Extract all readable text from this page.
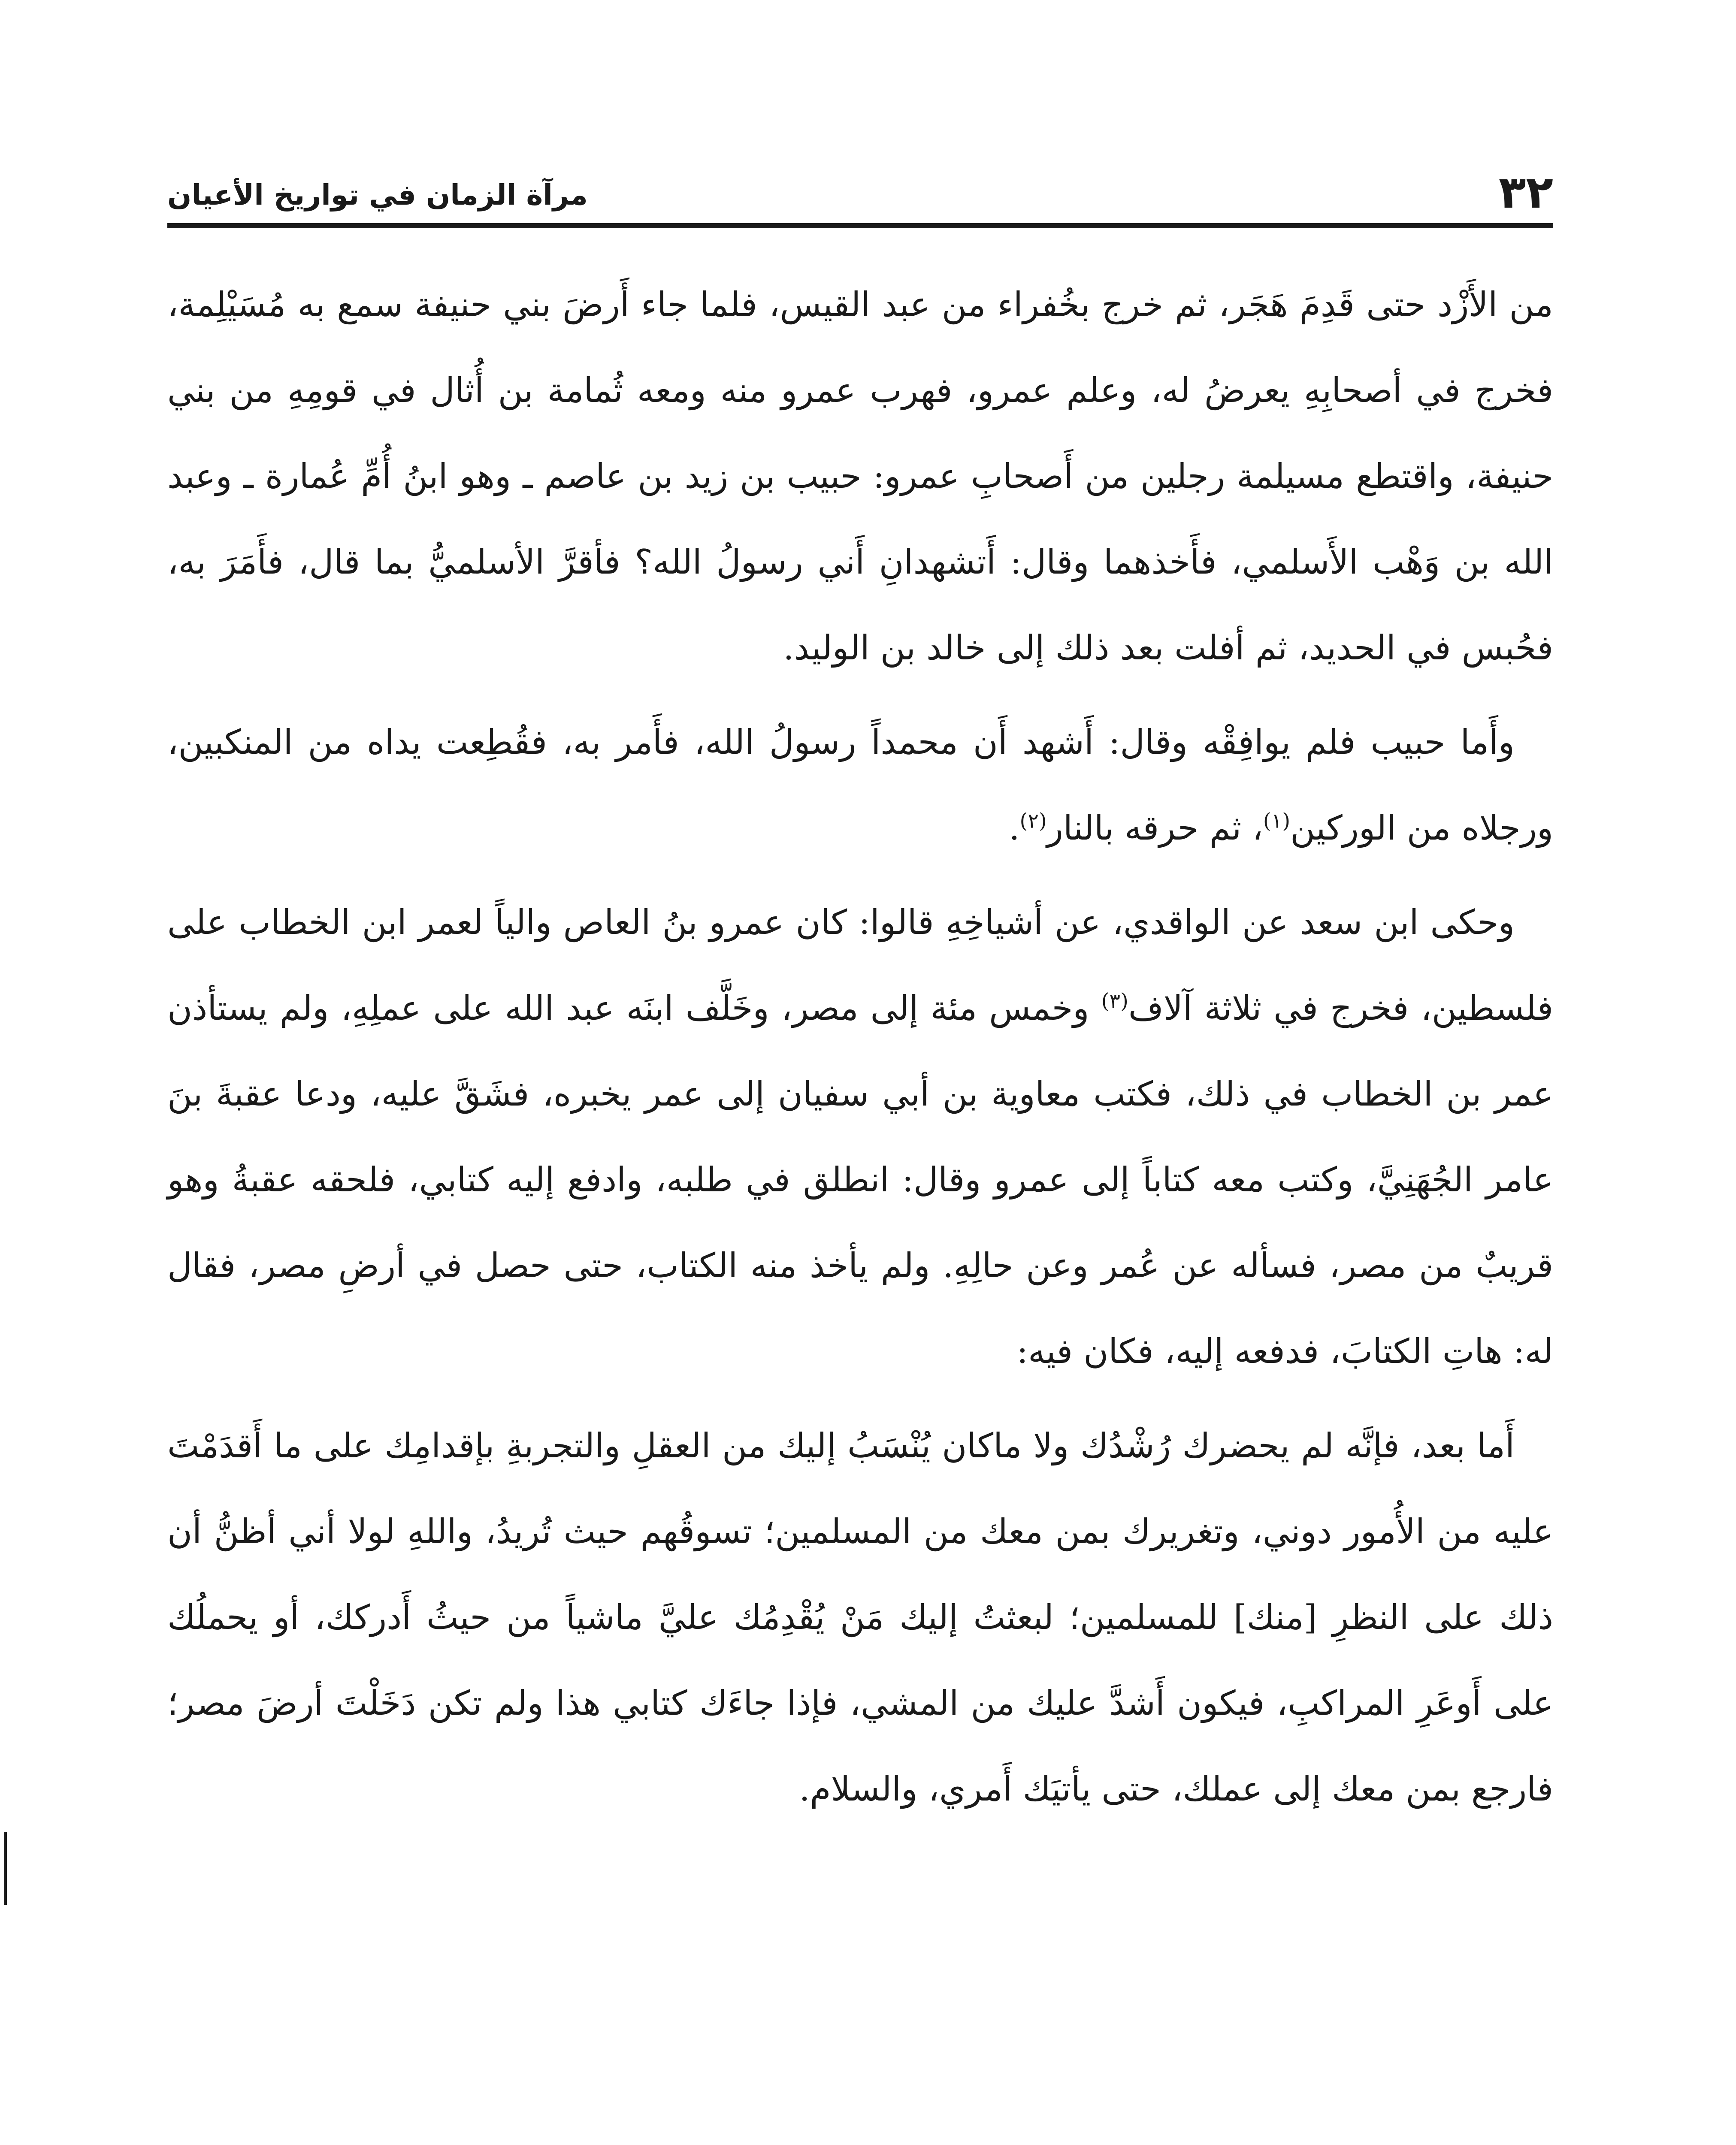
٣٢
مرآة الزمان في تواريخ الأعيان

من الأَزْد حتى قَدِمَ هَجَر، ثم خرج بخُفراء من عبد القيس، فلما جاء أَرضَ بني حنيفة سمع به مُسَيْلِمة، فخرج في أصحابِهِ يعرضُ له، وعلم عمرو، فهرب عمرو منه ومعه ثُمامة بن أُثال في قومِهِ من بني حنيفة، واقتطع مسيلمة رجلين من أَصحابِ عمرو: حبيب بن زيد بن عاصم ـ وهو ابنُ أُمِّ عُمارة ـ وعبد الله بن وَهْب الأَسلمي، فأَخذهما وقال: أَتشهدانِ أَني رسولُ الله؟ فأقرَّ الأسلميُّ بما قال، فأَمَرَ به، فحُبس في الحديد، ثم أفلت بعد ذلك إلى خالد بن الوليد.

وأَما حبيب فلم يوافِقْه وقال: أَشهد أَن محمداً رسولُ الله، فأَمر به، فقُطِعت يداه من المنكبين، ورجلاه من الوركين$^{(١)}$، ثم حرقه بالنار$^{(٢)}$.

وحكى ابن سعد عن الواقدي، عن أشياخِهِ قالوا: كان عمرو بنُ العاص والياً لعمر ابن الخطاب على فلسطين، فخرج في ثلاثة آلاف$^{(٣)}$ وخمس مئة إلى مصر، وخَلَّف ابنَه عبد الله على عملِهِ، ولم يستأذن عمر بن الخطاب في ذلك، فكتب معاوية بن أبي سفيان إلى عمر يخبره، فشَقَّ عليه، ودعا عقبةَ بنَ عامر الجُهَنِيَّ، وكتب معه كتاباً إلى عمرو وقال: انطلق في طلبه، وادفع إليه كتابي، فلحقه عقبةُ وهو قريبٌ من مصر، فسأله عن عُمر وعن حالِهِ. ولم يأخذ منه الكتاب، حتى حصل في أرضِ مصر، فقال له: هاتِ الكتابَ، فدفعه إليه، فكان فيه:

أَما بعد، فإنَّه لم يحضرك رُشْدُك ولا ماكان يُنْسَبُ إليك من العقلِ والتجربةِ بإقدامِك على ما أَقدَمْتَ عليه من الأُمور دوني، وتغريرك بمن معك من المسلمين؛ تسوقُهم حيث تُريدُ، واللهِ لولا أني أظنُّ أن ذلك على النظرِ [منك] للمسلمين؛ لبعثتُ إليك مَنْ يُقْدِمُك عليَّ ماشياً من حيثُ أَدركك، أو يحملُك على أَوعَرِ المراكبِ، فيكون أَشدَّ عليك من المشي، فإذا جاءَك كتابي هذا ولم تكن دَخَلْتَ أرضَ مصر؛ فارجع بمن معك إلى عملك، حتى يأتيَك أَمري، والسلام.
